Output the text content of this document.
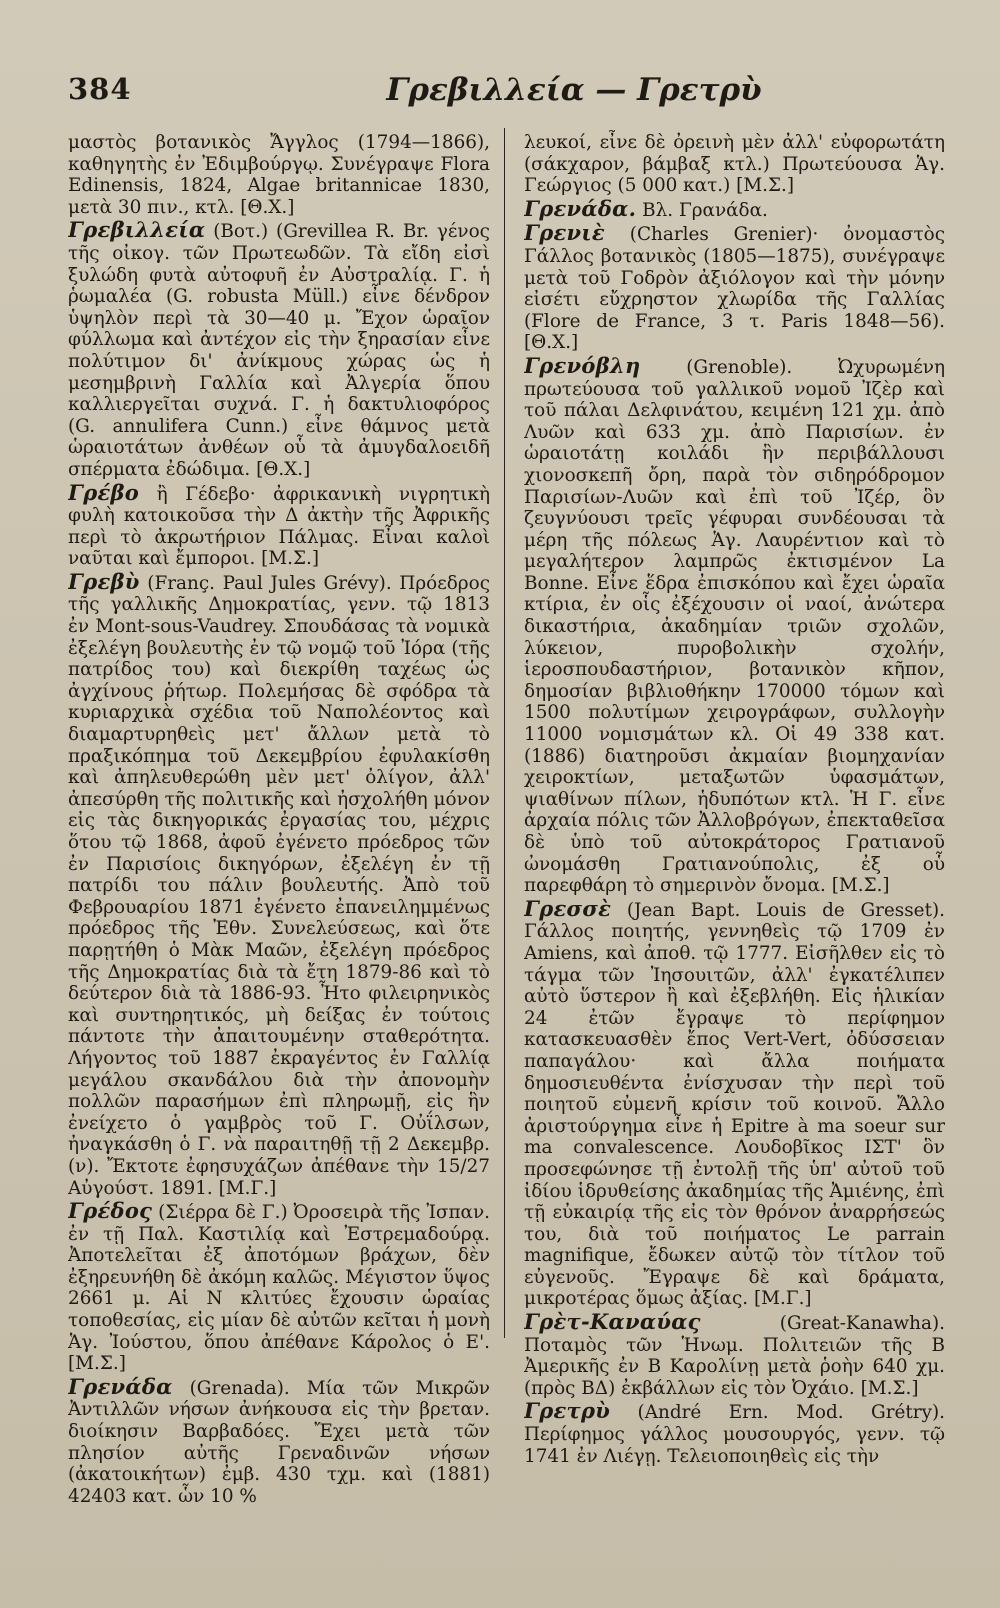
384	Γρεβιλλεία — Γρετρὺ

μαστὸς βοτανικὸς Ἄγγλος (1794—1866), καθηγητὴς ἐν Ἐδιμβούργῳ. Συνέγραψε Flora Edinensis, 1824, Algae britannicae 1830, μετὰ 30 πιν., κτλ. [Θ.Χ.]

Γρεβιλλεία (Βοτ.) (Grevillea R. Br. γένος τῆς οἰκογ. τῶν Πρωτεωδῶν. Τὰ εἴδη εἰσὶ ξυλώδη φυτὰ αὐτοφυῆ ἐν Αὐστραλίᾳ. Γ. ἡ ῥωμαλέα (G. robusta Müll.) εἶνε δένδρον ὑψηλὸν περὶ τὰ 30—40 μ. Ἔχον ὡραῖον φύλλωμα καὶ ἀντέχον εἰς τὴν ξηρασίαν εἶνε πολύτιμον δι' ἀνίκμους χώρας ὡς ἡ μεσημβρινὴ Γαλλία καὶ Ἀλγερία ὅπου καλλιεργεῖται συχνά. Γ. ἡ δακτυλιοφόρος (G. annulifera Cunn.) εἶνε θάμνος μετὰ ὡραιοτάτων ἀνθέων οὗ τὰ ἀμυγδαλοειδῆ σπέρματα ἐδώδιμα. [Θ.Χ.]

Γρέβο ἢ Γέδεβο· ἀφρικανικὴ νιγρητικὴ φυλὴ κατοικοῦσα τὴν Δ ἀκτὴν τῆς Ἀφρικῆς περὶ τὸ ἀκρωτήριον Πάλμας. Εἶναι καλοὶ ναῦται καὶ ἔμποροι. [Μ.Σ.]

Γρεβὺ (Franç. Paul Jules Grévy). Πρόεδρος τῆς γαλλικῆς Δημοκρατίας, γενν. τῷ 1813 ἐν Mont-sous-Vaudrey. Σπουδάσας τὰ νομικὰ ἐξελέγη βουλευτὴς ἐν τῷ νομῷ τοῦ Ἰόρα (τῆς πατρίδος του) καὶ διεκρίθη ταχέως ὡς ἀγχίνους ῥήτωρ. Πολεμήσας δὲ σφόδρα τὰ κυριαρχικὰ σχέδια τοῦ Ναπολέοντος καὶ διαμαρτυρηθεὶς μετ' ἄλλων μετὰ τὸ πραξικόπημα τοῦ Δεκεμβρίου ἐφυλακίσθη καὶ ἀπηλευθερώθη μὲν μετ' ὀλίγον, ἀλλ' ἀπεσύρθη τῆς πολιτικῆς καὶ ἠσχολήθη μόνον εἰς τὰς δικηγορικάς ἐργασίας του, μέχρις ὅτου τῷ 1868, ἀφοῦ ἐγένετο πρόεδρος τῶν ἐν Παρισίοις δικηγόρων, ἐξελέγη ἐν τῇ πατρίδι του πάλιν βουλευτής. Ἀπὸ τοῦ Φεβρουαρίου 1871 ἐγένετο ἐπανειλημμένως πρόεδρος τῆς Ἐθν. Συνελεύσεως, καὶ ὅτε παρῃτήθη ὁ Μὰκ Μαῶν, ἐξελέγη πρόεδρος τῆς Δημοκρατίας διὰ τὰ ἔτη 1879-86 καὶ τὸ δεύτερον διὰ τὰ 1886-93. Ἦτο φιλειρηνικὸς καὶ συντηρητικός, μὴ δείξας ἐν τούτοις πάντοτε τὴν ἀπαιτουμένην σταθερότητα. Λήγοντος τοῦ 1887 ἐκραγέντος ἐν Γαλλίᾳ μεγάλου σκανδάλου διὰ τὴν ἀπονομὴν πολλῶν παρασήμων ἐπὶ πληρωμῇ, εἰς ἣν ἐνείχετο ὁ γαμβρὸς τοῦ Γ. Οὐΐλσων, ἠναγκάσθη ὁ Γ. νὰ παραιτηθῇ τῇ 2 Δεκεμβρ. (ν). Ἔκτοτε ἐφησυχάζων ἀπέθανε τὴν 15/27 Αὐγούστ. 1891. [Μ.Γ.]

Γρέδος (Σιέρρα δὲ Γ.) Ὀροσειρὰ τῆς Ἰσπαν. ἐν τῇ Παλ. Καστιλίᾳ καὶ Ἐστρεμαδούρᾳ. Ἀποτελεῖται ἐξ ἀποτόμων βράχων, δὲν ἐξηρευνήθη δὲ ἀκόμη καλῶς. Μέγιστον ὕψος 2661 μ. Αἱ Ν κλιτύες ἔχουσιν ὡραίας τοποθεσίας, εἰς μίαν δὲ αὐτῶν κεῖται ἡ μονὴ Ἁγ. Ἰούστου, ὅπου ἀπέθανε Κάρολος ὁ Ε'. [Μ.Σ.]

Γρενάδα (Grenada). Μία τῶν Μικρῶν Ἀντιλλῶν νήσων ἀνήκουσα εἰς τὴν βρεταν. διοίκησιν Βαρβαδόες. Ἔχει μετὰ τῶν πλησίον αὐτῆς Γρεναδινῶν νήσων (ἀκατοικήτων) ἐμβ. 430 τχμ. καὶ (1881) 42403 κατ. ὧν 10 %

λευκοί, εἶνε δὲ ὀρεινὴ μὲν ἀλλ' εὐφορωτάτη (σάκχαρον, βάμβαξ κτλ.) Πρωτεύουσα Ἁγ. Γεώργιος (5 000 κατ.) [Μ.Σ.]

Γρενάδα. Βλ. Γρανάδα.

Γρενιὲ (Charles Grenier)· ὀνομαστὸς Γάλλος βοτανικὸς (1805—1875), συνέγραψε μετὰ τοῦ Γοδρὸν ἀξιόλογον καὶ τὴν μόνην εἰσέτι εὔχρηστον χλωρίδα τῆς Γαλλίας (Flore de France, 3 τ. Paris 1848—56). [Θ.Χ.]

Γρενόβλη (Grenoble). Ὠχυρωμένη πρωτεύουσα τοῦ γαλλικοῦ νομοῦ Ἰζὲρ καὶ τοῦ πάλαι Δελφινάτου, κειμένη 121 χμ. ἀπὸ Λυῶν καὶ 633 χμ. ἀπὸ Παρισίων. ἐν ὡραιοτάτῃ κοιλάδι ἣν περιβάλλουσι χιονοσκεπῆ ὄρη, παρὰ τὸν σιδηρόδρομον Παρισίων-Λυῶν καὶ ἐπὶ τοῦ Ἰζέρ, ὃν ζευγνύουσι τρεῖς γέφυραι συνδέουσαι τὰ μέρη τῆς πόλεως Ἁγ. Λαυρέντιον καὶ τὸ μεγαλήτερον λαμπρῶς ἐκτισμένον La Bonne. Εἶνε ἕδρα ἐπισκόπου καὶ ἔχει ὡραῖα κτίρια, ἐν οἷς ἐξέχουσιν οἱ ναοί, ἀνώτερα δικαστήρια, ἀκαδημίαν τριῶν σχολῶν, λύκειον, πυροβολικὴν σχολήν, ἱεροσπουδαστήριον, βοτανικὸν κῆπον, δημοσίαν βιβλιοθήκην 170000 τόμων καὶ 1500 πολυτίμων χειρογράφων, συλλογὴν 11000 νομισμάτων κλ. Οἱ 49 338 κατ. (1886) διατηροῦσι ἀκμαίαν βιομηχανίαν χειροκτίων, μεταξωτῶν ὑφασμάτων, ψιαθίνων πίλων, ἡδυπότων κτλ. Ἡ Γ. εἶνε ἀρχαία πόλις τῶν Ἀλλοβρόγων, ἐπεκταθεῖσα δὲ ὑπὸ τοῦ αὐτοκράτορος Γρατιανοῦ ὠνομάσθη Γρατιανούπολις, ἐξ οὗ παρεφθάρη τὸ σημερινὸν ὄνομα. [Μ.Σ.]

Γρεσσὲ (Jean Bapt. Louis de Gresset). Γάλλος ποιητής, γεννηθεὶς τῷ 1709 ἐν Amiens, καὶ ἀποθ. τῷ 1777. Εἰσῆλθεν εἰς τὸ τάγμα τῶν Ἰησουιτῶν, ἀλλ' ἐγκατέλιπεν αὐτὸ ὕστερον ἢ καὶ ἐξεβλήθη. Εἰς ἡλικίαν 24 ἐτῶν ἔγραψε τὸ περίφημον κατασκευασθὲν ἔπος Vert-Vert, ὀδύσσειαν παπαγάλου· καὶ ἄλλα ποιήματα δημοσιευθέντα ἐνίσχυσαν τὴν περὶ τοῦ ποιητοῦ εὐμενῆ κρίσιν τοῦ κοινοῦ. Ἄλλο ἀριστούργημα εἶνε ἡ Epitre à ma soeur sur ma convalescence. Λουδοβῖκος ΙΣΤ' ὃν προσεφώνησε τῇ ἐντολῇ τῆς ὑπ' αὐτοῦ τοῦ ἰδίου ἱδρυθείσης ἀκαδημίας τῆς Ἀμιένης, ἐπὶ τῇ εὐκαιρίᾳ τῆς εἰς τὸν θρόνον ἀναρρήσεώς του, διὰ τοῦ ποιήματος Le parrain magnifique, ἔδωκεν αὐτῷ τὸν τίτλον τοῦ εὐγενοῦς. Ἔγραψε δὲ καὶ δράματα, μικροτέρας ὅμως ἀξίας. [Μ.Γ.]

Γρὲτ-Καναύας	(Great-Kanawha). Ποταμὸς τῶν Ἡνωμ. Πολιτειῶν τῆς Β Ἀμερικῆς ἐν Β Καρολίνῃ μετὰ ῥοὴν 640 χμ. (πρὸς ΒΔ) ἐκβάλλων εἰς τὸν Ὀχάιο. [Μ.Σ.]

Γρετρὺ (André Ern. Mod. Grétry). Περίφημος γάλλος μουσουργός, γενν. τῷ 1741 ἐν Λιέγῃ. Τελειοποιηθεὶς εἰς τὴν
